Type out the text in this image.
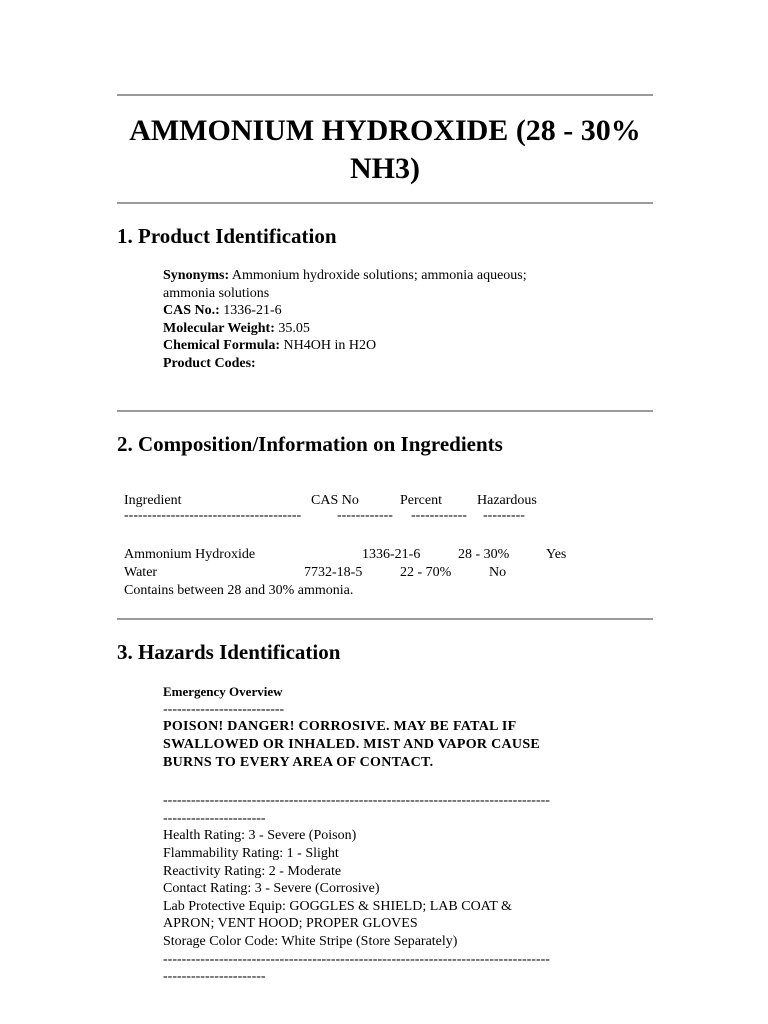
AMMONIUM HYDROXIDE (28 - 30% NH3)
1. Product Identification
Synonyms: Ammonium hydroxide solutions; ammonia aqueous;
ammonia solutions
CAS No.: 1336-21-6
Molecular Weight: 35.05
Chemical Formula: NH4OH in H2O
Product Codes:
2. Composition/Information on Ingredients
Ingredient	CAS No	Percent	Hazardous
--------------------------------------	------------ ------------ ---------
Ammonium Hydroxide	1336-21-6	28 - 30%	Yes
Water	7732-18-5	22 - 70%	No
Contains between 28 and 30% ammonia.
3. Hazards Identification
Emergency Overview
--------------------------
POISON! DANGER! CORROSIVE. MAY BE FATAL IF
SWALLOWED OR INHALED. MIST AND VAPOR CAUSE
BURNS TO EVERY AREA OF CONTACT.
-----------------------------------------------------------------------------------
----------------------
Health Rating: 3 - Severe (Poison)
Flammability Rating: 1 - Slight
Reactivity Rating: 2 - Moderate
Contact Rating: 3 - Severe (Corrosive)
Lab Protective Equip: GOGGLES & SHIELD; LAB COAT &
APRON; VENT HOOD; PROPER GLOVES
Storage Color Code: White Stripe (Store Separately)
-----------------------------------------------------------------------------------
----------------------
